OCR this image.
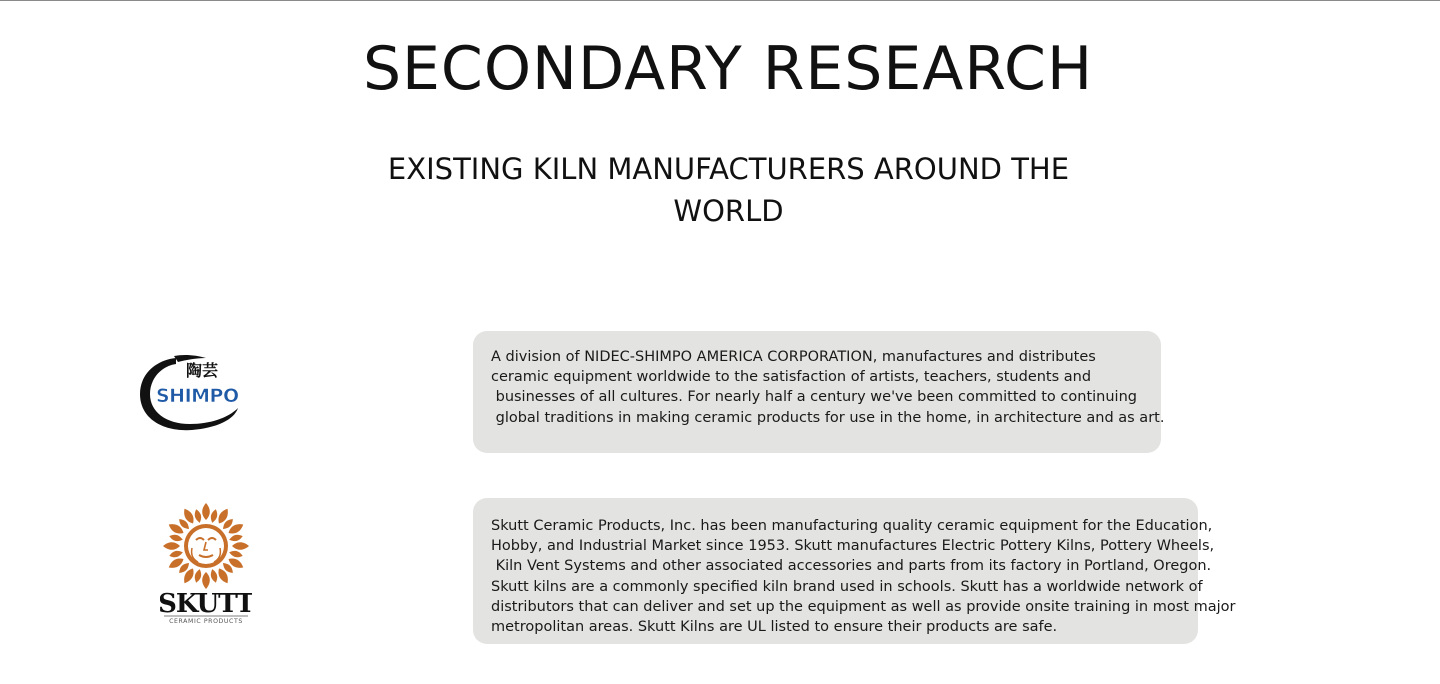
SECONDARY RESEARCH
EXISTING KILN MANUFACTURERS AROUND THE
WORLD
陶芸
SHIMPO
A division of NIDEC-SHIMPO AMERICA CORPORATION, manufactures and distributes
ceramic equipment worldwide to the satisfaction of artists, teachers, students and
businesses of all cultures. For nearly half a century we've been committed to continuing
global traditions in making ceramic products for use in the home, in architecture and as art.
SKUTT
CERAMIC PRODUCTS
Skutt Ceramic Products, Inc. has been manufacturing quality ceramic equipment for the Education,
Hobby, and Industrial Market since 1953. Skutt manufactures Electric Pottery Kilns, Pottery Wheels,
Kiln Vent Systems and other associated accessories and parts from its factory in Portland, Oregon.
Skutt kilns are a commonly specified kiln brand used in schools. Skutt has a worldwide network of
distributors that can deliver and set up the equipment as well as provide onsite training in most major
metropolitan areas. Skutt Kilns are UL listed to ensure their products are safe.
